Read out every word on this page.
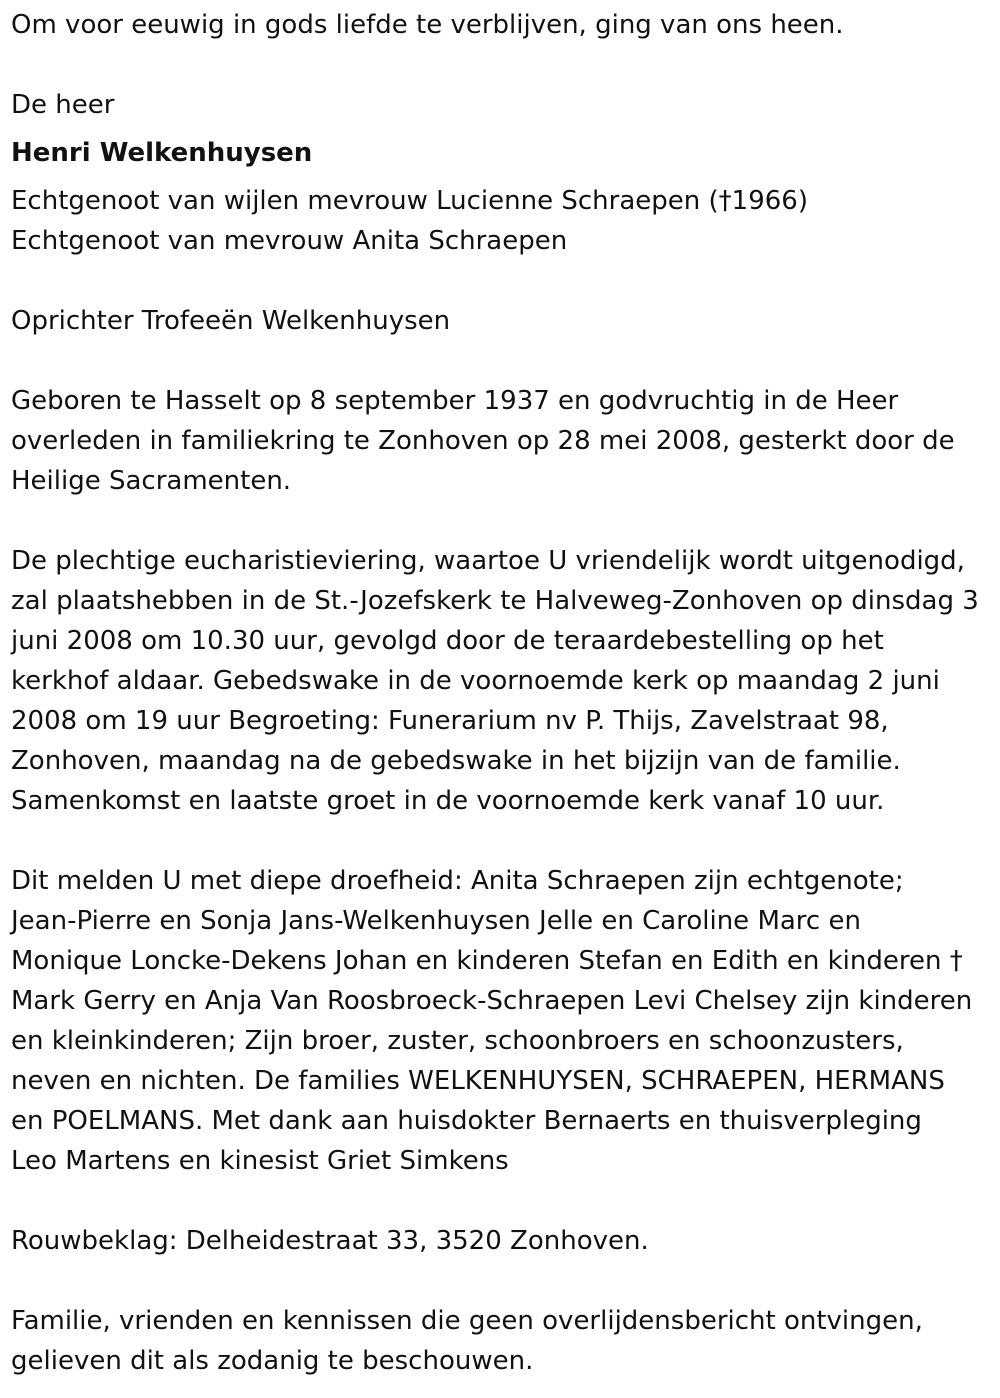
Om voor eeuwig in gods liefde te verblijven, ging van ons heen.

De heer

Henri Welkenhuysen

Echtgenoot van wijlen mevrouw Lucienne Schraepen (†1966)

Echtgenoot van mevrouw Anita Schraepen

Oprichter Trofeeën Welkenhuysen

Geboren te Hasselt op 8 september 1937 en godvruchtig in de Heer

overleden in familiekring te Zonhoven op 28 mei 2008, gesterkt door de

Heilige Sacramenten.

De plechtige eucharistieviering, waartoe U vriendelijk wordt uitgenodigd,

zal plaatshebben in de St.-Jozefskerk te Halveweg-Zonhoven op dinsdag 3

juni 2008 om 10.30 uur, gevolgd door de teraardebestelling op het

kerkhof aldaar. Gebedswake in de voornoemde kerk op maandag 2 juni

2008 om 19 uur Begroeting: Funerarium nv P. Thijs, Zavelstraat 98,

Zonhoven, maandag na de gebedswake in het bijzijn van de familie.

Samenkomst en laatste groet in de voornoemde kerk vanaf 10 uur.

Dit melden U met diepe droefheid: Anita Schraepen zijn echtgenote;

Jean-Pierre en Sonja Jans-Welkenhuysen Jelle en Caroline Marc en

Monique Loncke-Dekens Johan en kinderen Stefan en Edith en kinderen †

Mark Gerry en Anja Van Roosbroeck-Schraepen Levi Chelsey zijn kinderen

en kleinkinderen; Zijn broer, zuster, schoonbroers en schoonzusters,

neven en nichten. De families WELKENHUYSEN, SCHRAEPEN, HERMANS

en POELMANS. Met dank aan huisdokter Bernaerts en thuisverpleging

Leo Martens en kinesist Griet Simkens

Rouwbeklag: Delheidestraat 33, 3520 Zonhoven.

Familie, vrienden en kennissen die geen overlijdensbericht ontvingen,

gelieven dit als zodanig te beschouwen.
